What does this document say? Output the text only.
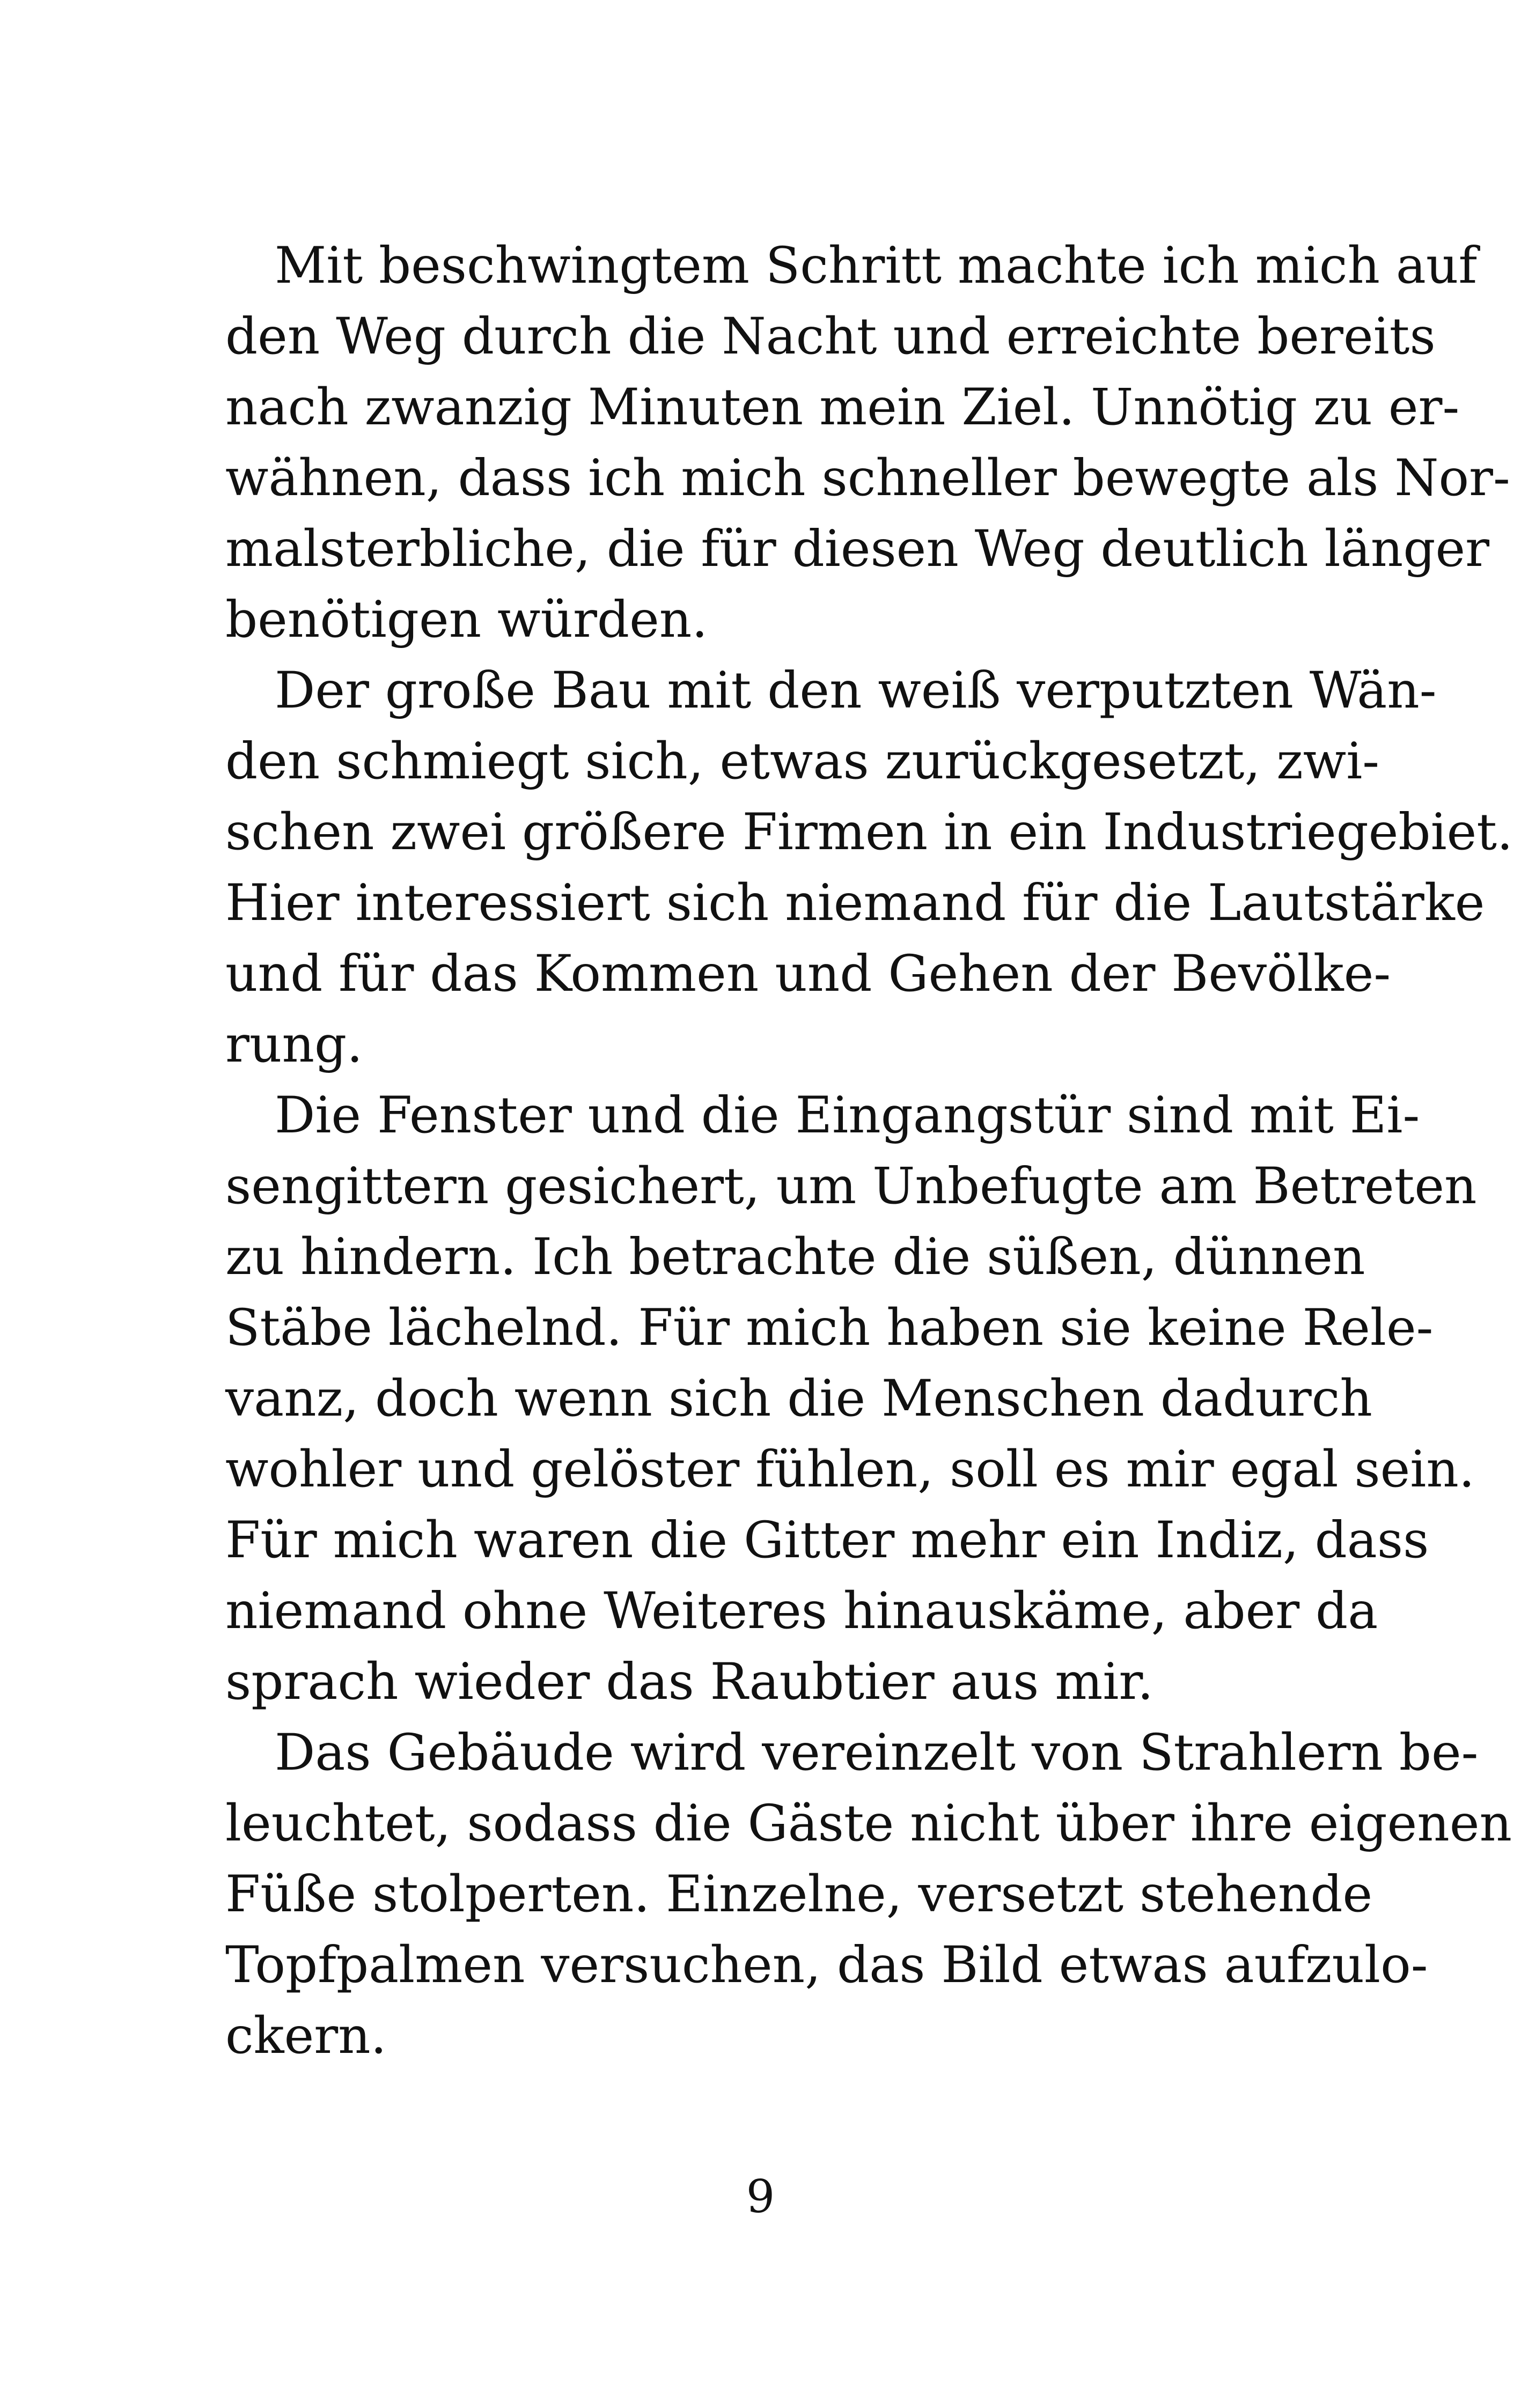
Mit beschwingtem Schritt machte ich mich auf
den Weg durch die Nacht und erreichte bereits
nach zwanzig Minuten mein Ziel. Unnötig zu er-
wähnen, dass ich mich schneller bewegte als Nor-
malsterbliche, die für diesen Weg deutlich länger
benötigen würden.
Der große Bau mit den weiß verputzten Wän-
den schmiegt sich, etwas zurückgesetzt, zwi-
schen zwei größere Firmen in ein Industriegebiet.
Hier interessiert sich niemand für die Lautstärke
und für das Kommen und Gehen der Bevölke-
rung.
Die Fenster und die Eingangstür sind mit Ei-
sengittern gesichert, um Unbefugte am Betreten
zu hindern. Ich betrachte die süßen, dünnen
Stäbe lächelnd. Für mich haben sie keine Rele-
vanz, doch wenn sich die Menschen dadurch
wohler und gelöster fühlen, soll es mir egal sein.
Für mich waren die Gitter mehr ein Indiz, dass
niemand ohne Weiteres hinauskäme, aber da
sprach wieder das Raubtier aus mir.
Das Gebäude wird vereinzelt von Strahlern be-
leuchtet, sodass die Gäste nicht über ihre eigenen
Füße stolperten. Einzelne, versetzt stehende
Topfpalmen versuchen, das Bild etwas aufzulo-
ckern.
9
